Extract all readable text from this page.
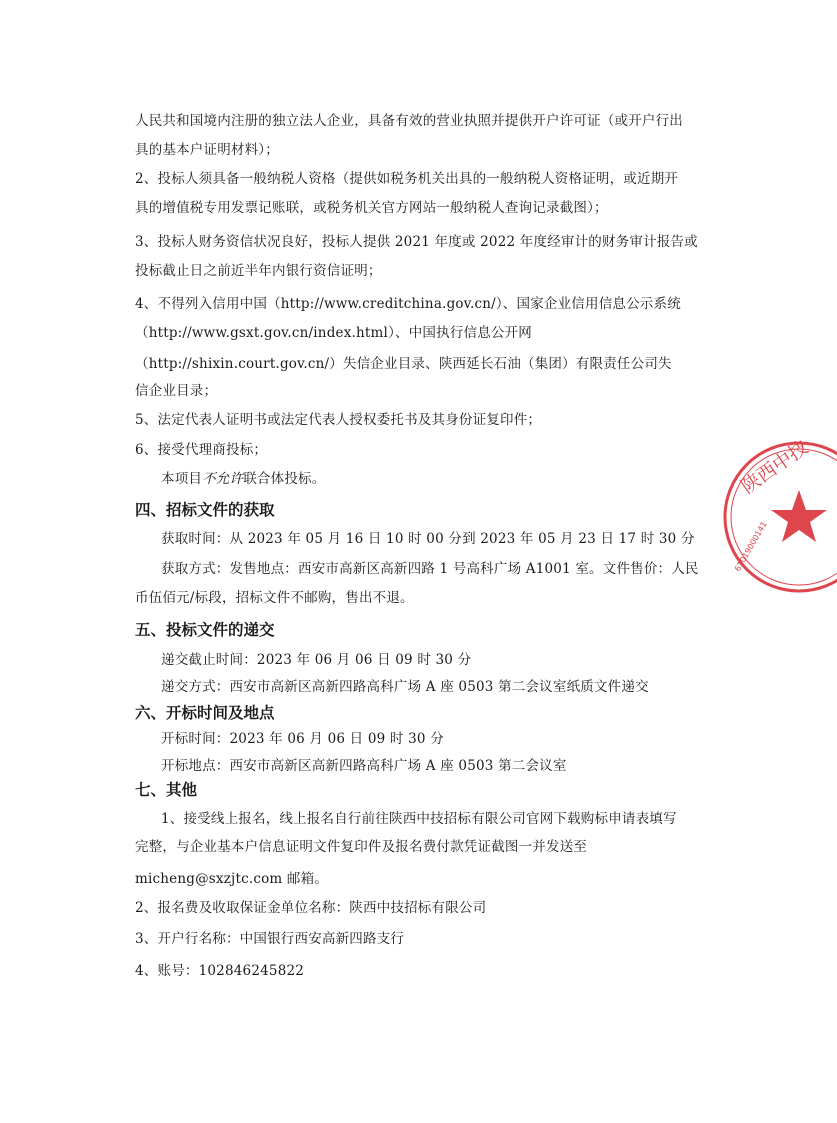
人民共和国境内注册的独立法人企业，具备有效的营业执照并提供开户许可证（或开户行出
具的基本户证明材料）；
2、投标人须具备一般纳税人资格（提供如税务机关出具的一般纳税人资格证明，或近期开
具的增值税专用发票记账联，或税务机关官方网站一般纳税人查询记录截图）；
3、投标人财务资信状况良好，投标人提供 2021 年度或 2022 年度经审计的财务审计报告或
投标截止日之前近半年内银行资信证明；
4、不得列入信用中国（http://www.creditchina.gov.cn/）、国家企业信用信息公示系统
（http://www.gsxt.gov.cn/index.html）、中国执行信息公开网
（http://shixin.court.gov.cn/）失信企业目录、陕西延长石油（集团）有限责任公司失
信企业目录；
5、法定代表人证明书或法定代表人授权委托书及其身份证复印件；
6、接受代理商投标；
本项目不允许联合体投标。
四、招标文件的获取
获取时间：从 2023 年 05 月 16 日 10 时 00 分到 2023 年 05 月 23 日 17 时 30 分
获取方式：发售地点：西安市高新区高新四路 1 号高科广场 A1001 室。文件售价：人民
币伍佰元/标段，招标文件不邮购，售出不退。
五、投标文件的递交
递交截止时间：2023 年 06 月 06 日 09 时 30 分
递交方式：西安市高新区高新四路高科广场 A 座 0503 第二会议室纸质文件递交
六、开标时间及地点
开标时间：2023 年 06 月 06 日 09 时 30 分
开标地点：西安市高新区高新四路高科广场 A 座 0503 第二会议室
七、其他
1、接受线上报名，线上报名自行前往陕西中技招标有限公司官网下载购标申请表填写
完整，与企业基本户信息证明文件复印件及报名费付款凭证截图一并发送至
micheng@sxzjtc.com 邮箱。
2、报名费及收取保证金单位名称：陕西中技招标有限公司
3、开户行名称：中国银行西安高新四路支行
4、账号：102846245822
陕西中技
61019000141
